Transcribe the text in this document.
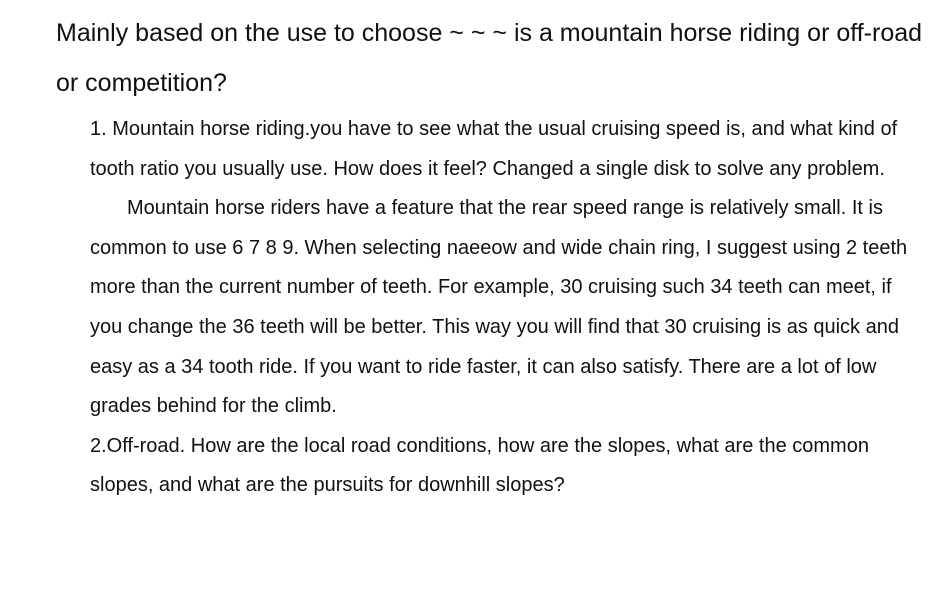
Mainly based on the use to choose ~ ~ ~ is a mountain horse riding or off-road or competition?

1. Mountain horse riding.you have to see what the usual cruising speed is, and what kind of tooth ratio you usually use. How does it feel? Changed a single disk to solve any problem.

Mountain horse riders have a feature that the rear speed range is relatively small. It is common to use 6 7 8 9. When selecting naeeow and wide chain ring, I suggest using 2 teeth more than the current number of teeth. For example, 30 cruising such 34 teeth can meet, if you change the 36 teeth will be better. This way you will find that 30 cruising is as quick and easy as a 34 tooth ride. If you want to ride faster, it can also satisfy. There are a lot of low grades behind for the climb.

2.Off-road. How are the local road conditions, how are the slopes, what are the common slopes, and what are the pursuits for downhill slopes?
